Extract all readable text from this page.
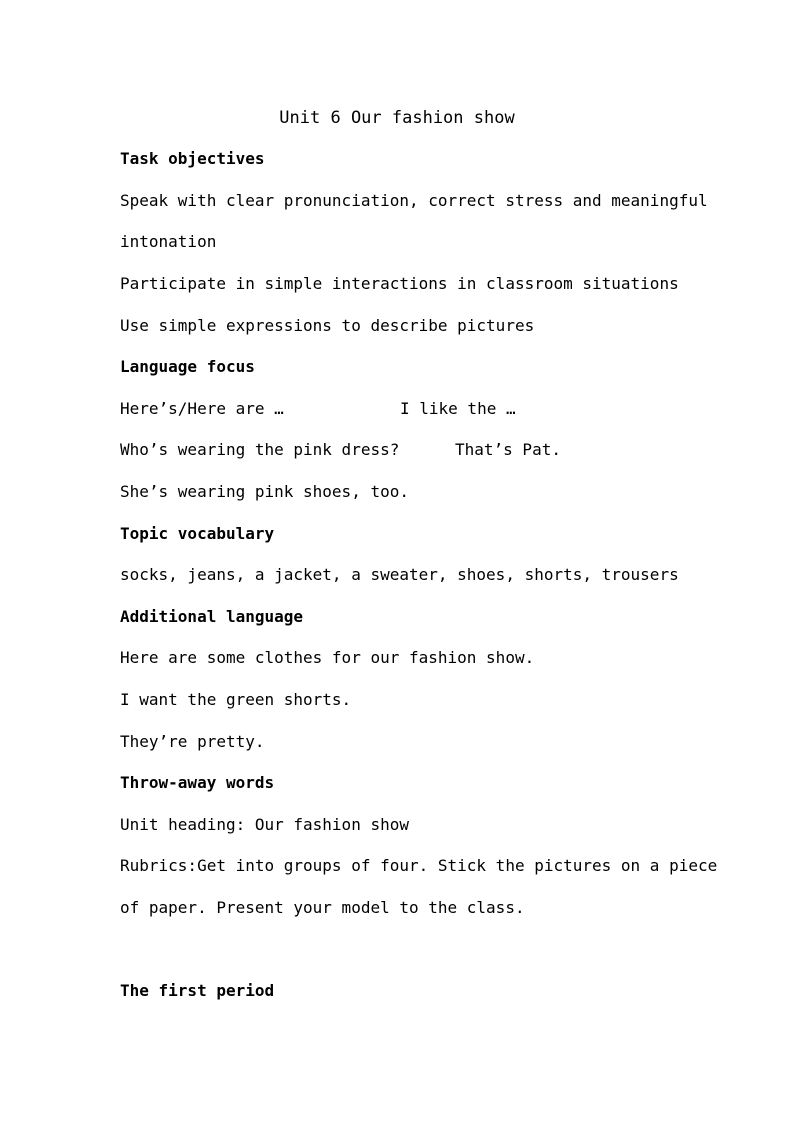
Unit 6 Our fashion show

Task objectives

Speak with clear pronunciation, correct stress and meaningful

intonation

Participate in simple interactions in classroom situations

Use simple expressions to describe pictures

Language focus

Here’s/Here are …	I like the …

Who’s wearing the pink dress?	That’s Pat.

She’s wearing pink shoes, too.

Topic vocabulary

socks, jeans, a jacket, a sweater, shoes, shorts, trousers

Additional language

Here are some clothes for our fashion show.

I want the green shorts.

They’re pretty.

Throw-away words

Unit heading: Our fashion show

Rubrics:Get into groups of four. Stick the pictures on a piece

of paper. Present your model to the class.

The first period
